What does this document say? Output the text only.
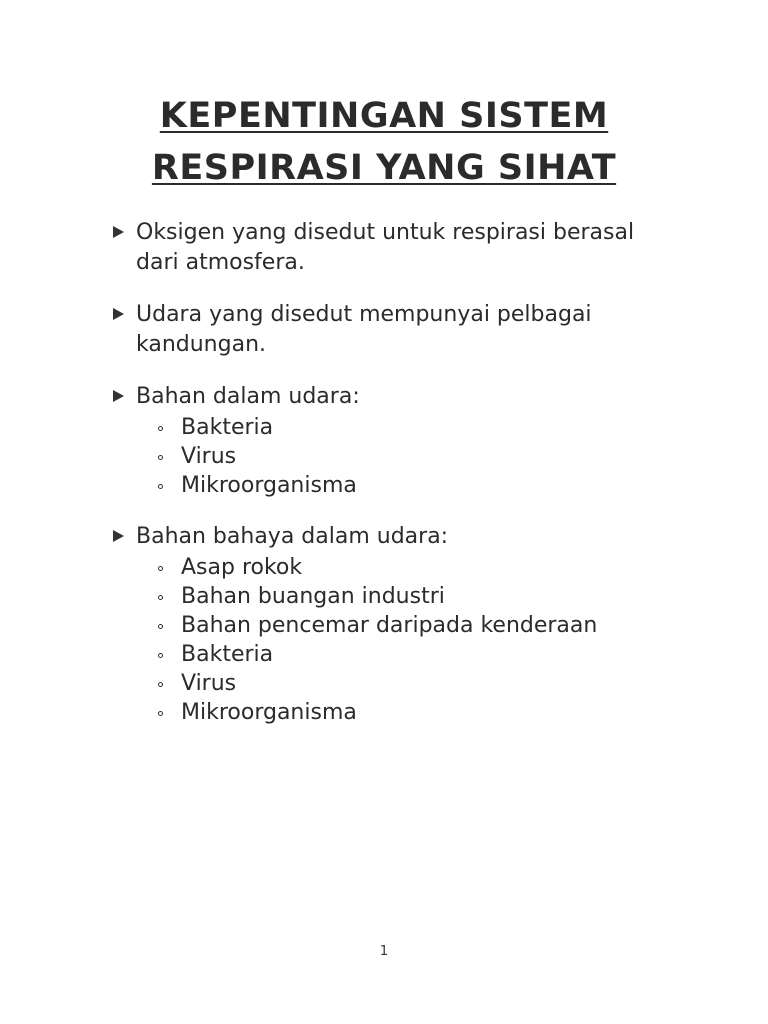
KEPENTINGAN SISTEM
RESPIRASI YANG SIHAT
Oksigen yang disedut untuk respirasi berasal
dari atmosfera.
Udara yang disedut mempunyai pelbagai
kandungan.
Bahan dalam udara:
Bakteria
Virus
Mikroorganisma
Bahan bahaya dalam udara:
Asap rokok
Bahan buangan industri
Bahan pencemar daripada kenderaan
Bakteria
Virus
Mikroorganisma
1
